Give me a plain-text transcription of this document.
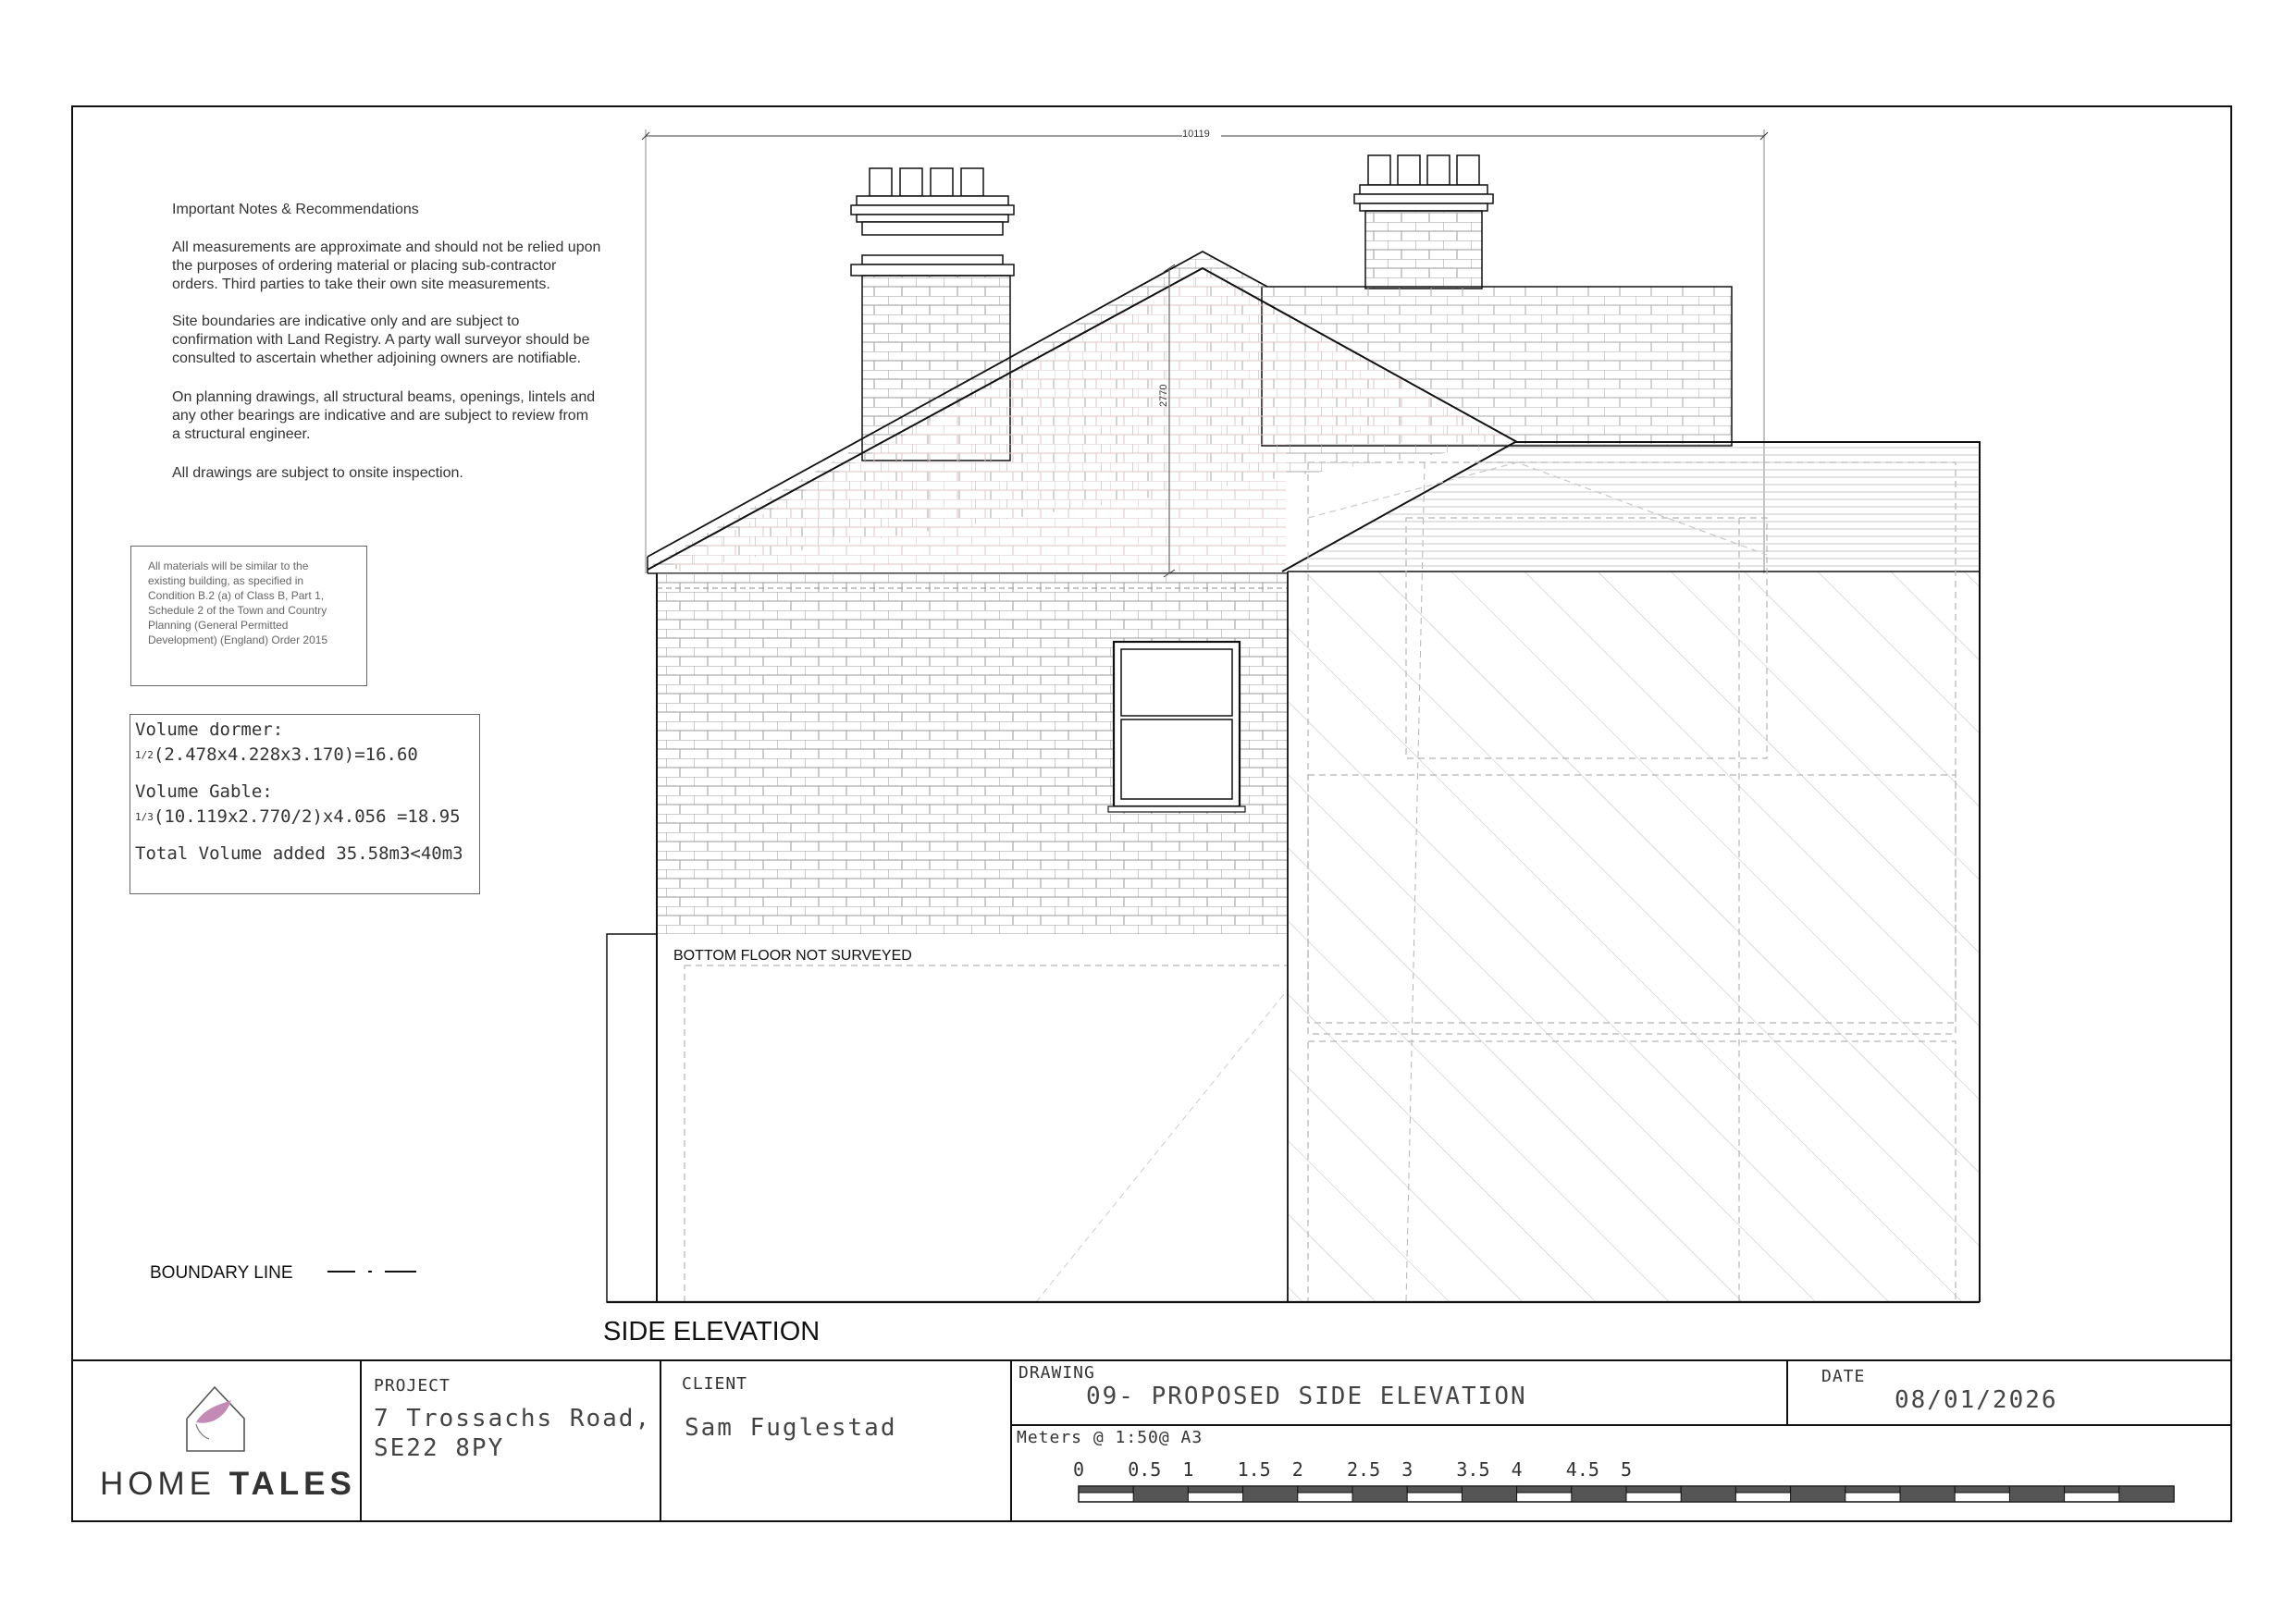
Important Notes & Recommendations
All measurements are approximate and should not be relied upon
the purposes of ordering material or placing sub-contractor
orders. Third parties to take their own site measurements.
Site boundaries are indicative only and are subject to
confirmation with Land Registry. A party wall surveyor should be
consulted to ascertain whether adjoining owners are notifiable.
On planning drawings, all structural beams, openings, lintels and
any other bearings are indicative and are subject to review from
a structural engineer.
All drawings are subject to onsite inspection.
All materials will be similar to the
existing building, as specified in
Condition B.2 (a) of Class B, Part 1,
Schedule 2 of the Town and Country
Planning (General Permitted
Development) (England) Order 2015
Volume dormer:
1/2(2.478x4.228x3.170)=16.60
Volume Gable:
1/3(10.119x2.770/2)x4.056 =18.95
Total Volume added 35.58m3<40m3
BOUNDARY LINE
SIDE ELEVATION
BOTTOM FLOOR NOT SURVEYED
10119
2770
HOME TALES
PROJECT
7 Trossachs Road,
SE22 8PY
CLIENT
Sam Fuglestad
DRAWING
09- PROPOSED SIDE ELEVATION
DATE
08/01/2026
Meters @ 1:50@ A3
0 0.5 1 1.5 2 2.5 3 3.5 4 4.5 5
